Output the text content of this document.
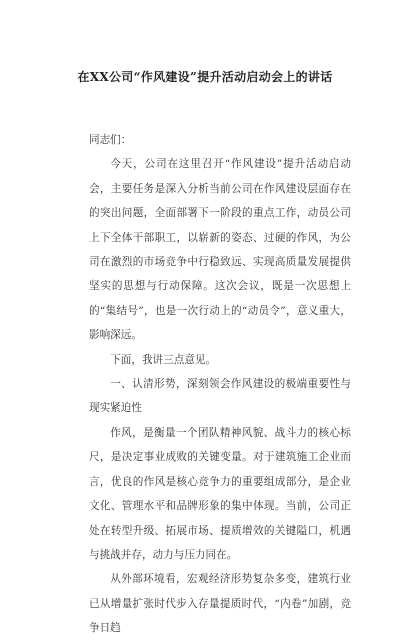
在XX公司“作风建设”提升活动启动会上的讲话

同志们：

今天，公司在这里召开“作风建设”提升活动启动会，主要任务是深入分析当前公司在作风建设层面存在的突出问题，全面部署下一阶段的重点工作，动员公司上下全体干部职工，以崭新的姿态、过硬的作风，为公司在激烈的市场竞争中行稳致远、实现高质量发展提供坚实的思想与行动保障。这次会议，既是一次思想上的“集结号”，也是一次行动上的“动员令”，意义重大，影响深远。

下面，我讲三点意见。

一、认清形势，深刻领会作风建设的极端重要性与现实紧迫性

作风，是衡量一个团队精神风貌、战斗力的核心标尺，是决定事业成败的关键变量。对于建筑施工企业而言，优良的作风是核心竞争力的重要组成部分，是企业文化、管理水平和品牌形象的集中体现。当前，公司正处在转型升级、拓展市场、提质增效的关键隘口，机遇与挑战并存，动力与压力同在。

从外部环境看，宏观经济形势复杂多变，建筑行业已从增量扩张时代步入存量提质时代，“内卷”加剧，竞争日趋
